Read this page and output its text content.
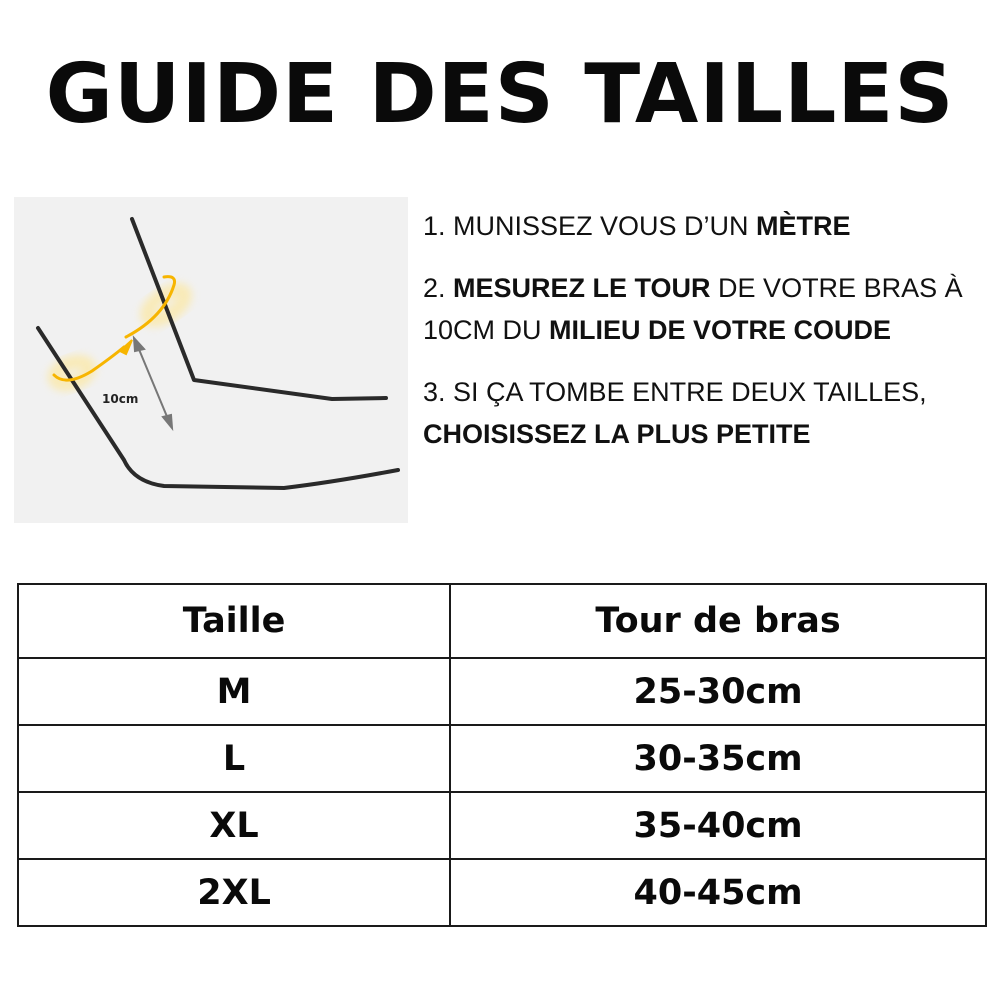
GUIDE DES TAILLES
10cm

1. MUNISSEZ VOUS D’UN MÈTRE

2. MESUREZ LE TOUR DE VOTRE BRAS À 10CM DU MILIEU DE VOTRE COUDE

3. SI ÇA TOMBE ENTRE DEUX TAILLES, CHOISISSEZ LA PLUS PETITE

Taille	Tour de bras
M	25-30cm
L	30-35cm
XL	35-40cm
2XL	40-45cm
